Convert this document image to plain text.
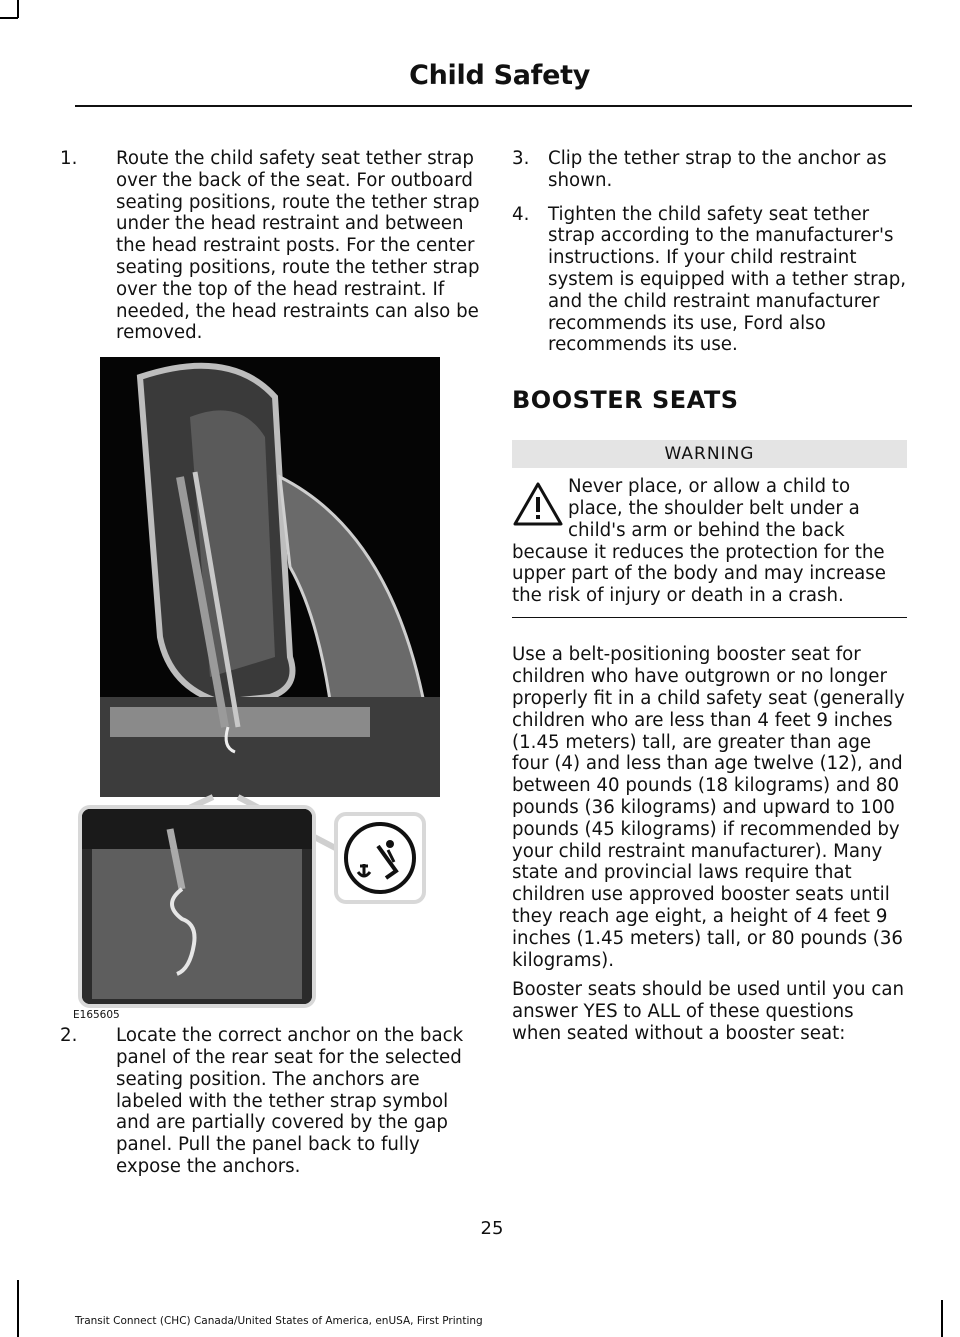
Child Safety
1. Route the child safety seat tether strap over the back of the seat. For outboard seating positions, route the tether strap under the head restraint and between the head restraint posts. For the center seating positions, route the tether strap over the top of the head restraint. If needed, the head restraints can also be removed.
E165605
2. Locate the correct anchor on the back panel of the rear seat for the selected seating position. The anchors are labeled with the tether strap symbol and are partially covered by the gap panel. Pull the panel back to fully expose the anchors.
3. Clip the tether strap to the anchor as shown.
4. Tighten the child safety seat tether strap according to the manufacturer's instructions. If your child restraint system is equipped with a tether strap, and the child restraint manufacturer recommends its use, Ford also recommends its use.
BOOSTER SEATS
WARNING
Never place, or allow a child to place, the shoulder belt under a child's arm or behind the back because it reduces the protection for the upper part of the body and may increase the risk of injury or death in a crash.
Use a belt-positioning booster seat for children who have outgrown or no longer properly fit in a child safety seat (generally children who are less than 4 feet 9 inches (1.45 meters) tall, are greater than age four (4) and less than age twelve (12), and between 40 pounds (18 kilograms) and 80 pounds (36 kilograms) and upward to 100 pounds (45 kilograms) if recommended by your child restraint manufacturer). Many state and provincial laws require that children use approved booster seats until they reach age eight, a height of 4 feet 9 inches (1.45 meters) tall, or 80 pounds (36 kilograms).
Booster seats should be used until you can answer YES to ALL of these questions when seated without a booster seat:
25
Transit Connect (CHC) Canada/United States of America, enUSA, First Printing
